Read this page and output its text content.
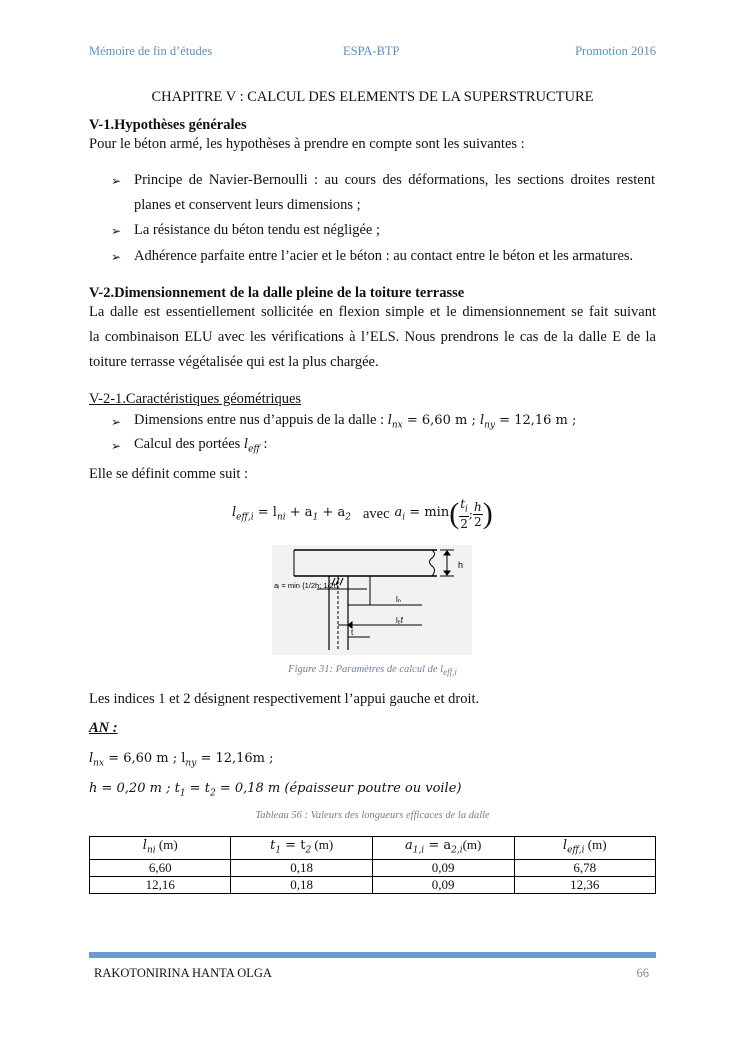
Mémoire de fin d’études	ESPA-BTP	Promotion 2016
CHAPITRE V : CALCUL DES ELEMENTS DE LA SUPERSTRUCTURE
V-1.Hypothèses générales
Pour le béton armé, les hypothèses à prendre en compte sont les suivantes :
➢ Principe de Navier-Bernoulli : au cours des déformations, les sections droites restent
planes et conservent leurs dimensions ;
➢ La résistance du béton tendu est négligée ;
➢ Adhérence parfaite entre l’acier et le béton : au contact entre le béton et les armatures.
V-2.Dimensionnement de la dalle pleine de la toiture terrasse
La dalle est essentiellement sollicitée en flexion simple et le dimensionnement se fait suivant
la combinaison ELU avec les vérifications à l’ELS. Nous prendrons le cas de la dalle E de la
toiture terrasse végétalisée qui est la plus chargée.
V-2-1.Caractéristiques géométriques
➢ Dimensions entre nus d’appuis de la dalle : $l_{nx} = 6,60$ m ; $l_{ny} = 12,16$ m ;
➢ Calcul des portées $l_{eff}$ :
Elle se définit comme suit :
$l_{eff,i} = l_{ni} + a_1 + a_2$ avec $a_i = \min$ ( $t_i$
2
;
h
2 )
h
aᵢ = min {1/2h; 1/2t}
lₙ
lₑf
t
Figure 31: Paramètres de calcul de $l_{eff,i}$
Les indices 1 et 2 désignent respectivement l’appui gauche et droit.
AN :
$l_{nx} = 6,60$ m ; $l_{ny} = 12,16m$ ;
h = 0,20 m ; $t_1 = t_2 = 0,18$ m (épaisseur poutre ou voile)
Tableau 56 : Valeurs des longueurs efficaces de la dalle
$l_{ni}$ (m)	$t_1 = t_2$ (m)	$a_{1,i} = a_{2,i}(m)$	$l_{eff,i}$ (m)
6,60	0,18	0,09	6,78
12,16	0,18	0,09	12,36
RAKOTONIRINA HANTA OLGA	66
